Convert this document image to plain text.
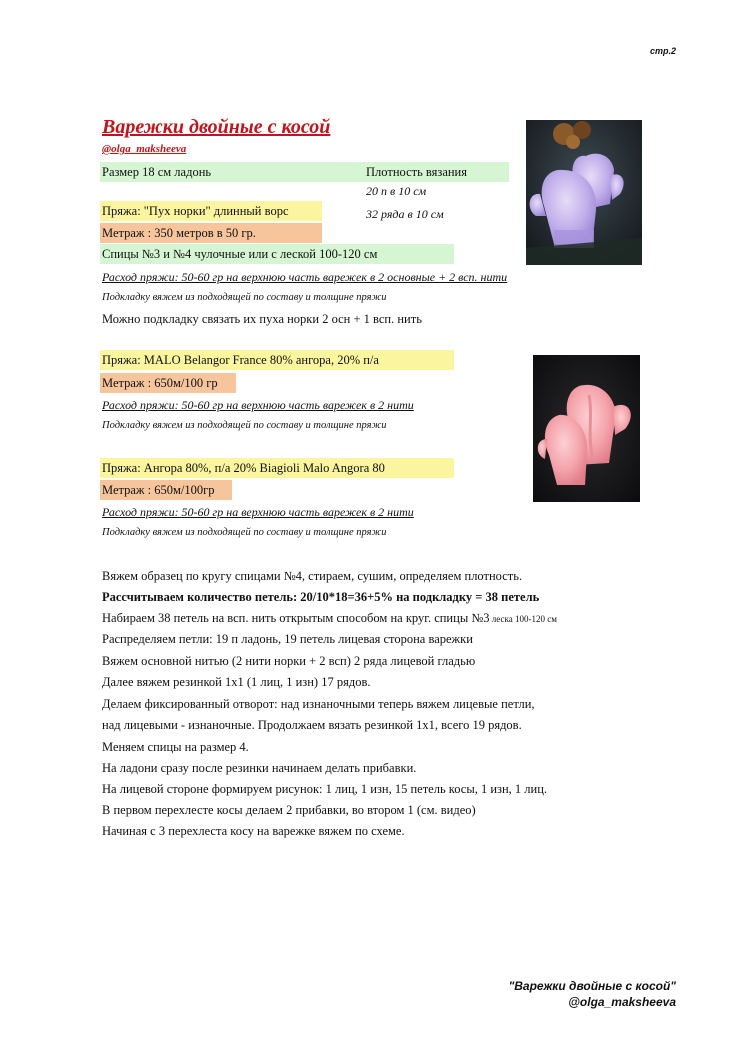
стр.2
Варежки двойные с косой
@olga_maksheeva
Размер 18 см ладонь	Плотность вязания
20 п в 10 см
Пряжа: "Пух норки" длинный ворс	32 ряда в 10 см
Метраж : 350 метров в 50 гр.
Спицы №3 и №4 чулочные или с леской 100-120 см
Расход пряжи: 50-60 гр на верхнюю часть варежек в 2 основные + 2 всп. нити
Подкладку вяжем из подходящей по составу и толщине пряжи
Можно подкладку связать их пуха норки 2 осн + 1 всп. нить
Пряжа: MALO Belangor France 80% ангора, 20% п/а
Метраж : 650м/100 гр
Расход пряжи: 50-60 гр на верхнюю часть варежек в 2 нити
Подкладку вяжем из подходящей по составу и толщине пряжи
Пряжа: Ангора 80%, п/а 20% Biagioli Malo Angora 80
Метраж : 650м/100гр
Расход пряжи: 50-60 гр на верхнюю часть варежек в 2 нити
Подкладку вяжем из подходящей по составу и толщине пряжи
Вяжем образец по кругу спицами №4, стираем, сушим, определяем плотность.
Рассчитываем количество петель: 20/10*18=36+5% на подкладку = 38 петель
Набираем 38 петель на всп. нить открытым способом на круг. спицы №3 леска 100-120 см
Распределяем петли: 19 п ладонь, 19 петель лицевая сторона варежки
Вяжем основной нитью (2 нити норки + 2 всп) 2 ряда лицевой гладью
Далее вяжем резинкой 1х1 (1 лиц, 1 изн) 17 рядов.
Делаем фиксированный отворот: над изнаночными теперь вяжем лицевые петли,
над лицевыми - изнаночные. Продолжаем вязать резинкой 1х1, всего 19 рядов.
Меняем спицы на размер 4.
На ладони сразу после резинки начинаем делать прибавки.
На лицевой стороне формируем рисунок: 1 лиц, 1 изн, 15 петель косы, 1 изн, 1 лиц.
В первом перехлесте косы делаем 2 прибавки, во втором 1 (см. видео)
Начиная с 3 перехлеста косу на варежке вяжем по схеме.
"Варежки двойные с косой"
@olga_maksheeva
